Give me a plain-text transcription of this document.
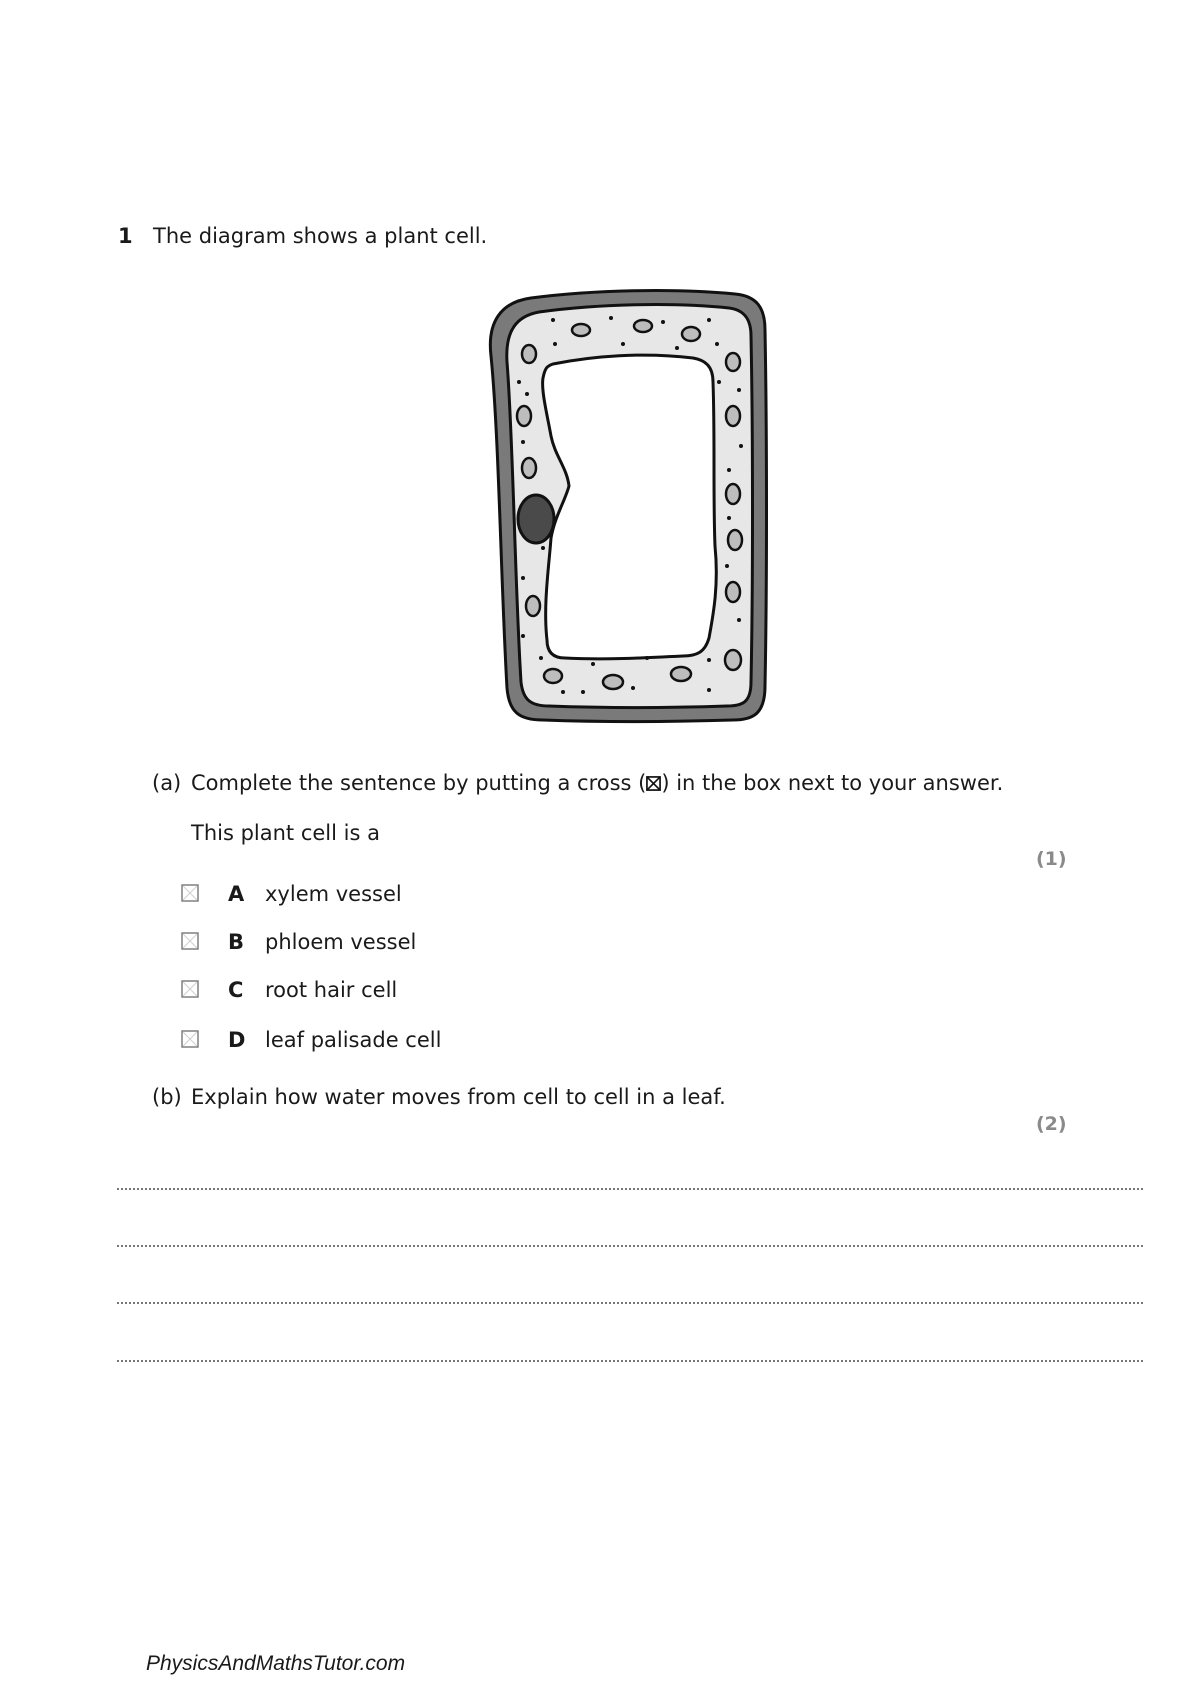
1 The diagram shows a plant cell.
(a) Complete the sentence by putting a cross (☒) in the box next to your answer.
This plant cell is a
(1)
A xylem vessel
B phloem vessel
C root hair cell
D leaf palisade cell
(b) Explain how water moves from cell to cell in a leaf.
(2)
PhysicsAndMathsTutor.com
